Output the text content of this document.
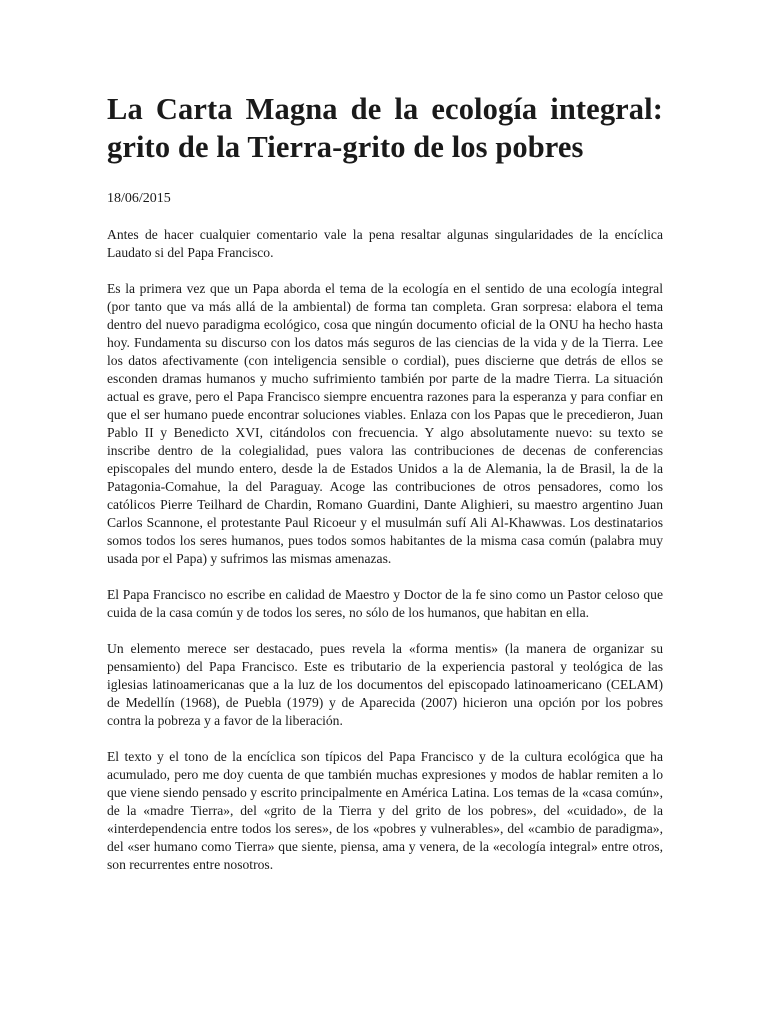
La Carta Magna de la ecología integral: grito de la Tierra-grito de los pobres
18/06/2015

Antes de hacer cualquier comentario vale la pena resaltar algunas singularidades de la encíclica Laudato si del Papa Francisco.

Es la primera vez que un Papa aborda el tema de la ecología en el sentido de una ecología integral (por tanto que va más allá de la ambiental) de forma tan completa. Gran sorpresa: elabora el tema dentro del nuevo paradigma ecológico, cosa que ningún documento oficial de la ONU ha hecho hasta hoy. Fundamenta su discurso con los datos más seguros de las ciencias de la vida y de la Tierra. Lee los datos afectivamente (con inteligencia sensible o cordial), pues discierne que detrás de ellos se esconden dramas humanos y mucho sufrimiento también por parte de la madre Tierra. La situación actual es grave, pero el Papa Francisco siempre encuentra razones para la esperanza y para confiar en que el ser humano puede encontrar soluciones viables. Enlaza con los Papas que le precedieron, Juan Pablo II y Benedicto XVI, citándolos con frecuencia. Y algo absolutamente nuevo: su texto se inscribe dentro de la colegialidad, pues valora las contribuciones de decenas de conferencias episcopales del mundo entero, desde la de Estados Unidos a la de Alemania, la de Brasil, la de la Patagonia-Comahue, la del Paraguay. Acoge las contribuciones de otros pensadores, como los católicos Pierre Teilhard de Chardin, Romano Guardini, Dante Alighieri, su maestro argentino Juan Carlos Scannone, el protestante Paul Ricoeur y el musulmán sufí Ali Al-Khawwas. Los destinatarios somos todos los seres humanos, pues todos somos habitantes de la misma casa común (palabra muy usada por el Papa) y sufrimos las mismas amenazas.

El Papa Francisco no escribe en calidad de Maestro y Doctor de la fe sino como un Pastor celoso que cuida de la casa común y de todos los seres, no sólo de los humanos, que habitan en ella.

Un elemento merece ser destacado, pues revela la «forma mentis» (la manera de organizar su pensamiento) del Papa Francisco. Este es tributario de la experiencia pastoral y teológica de las iglesias latinoamericanas que a la luz de los documentos del episcopado latinoamericano (CELAM) de Medellín (1968), de Puebla (1979) y de Aparecida (2007) hicieron una opción por los pobres contra la pobreza y a favor de la liberación.

El texto y el tono de la encíclica son típicos del Papa Francisco y de la cultura ecológica que ha acumulado, pero me doy cuenta de que también muchas expresiones y modos de hablar remiten a lo que viene siendo pensado y escrito principalmente en América Latina. Los temas de la «casa común», de la «madre Tierra», del «grito de la Tierra y del grito de los pobres», del «cuidado», de la «interdependencia entre todos los seres», de los «pobres y vulnerables», del «cambio de paradigma», del «ser humano como Tierra» que siente, piensa, ama y venera, de la «ecología integral» entre otros, son recurrentes entre nosotros.
